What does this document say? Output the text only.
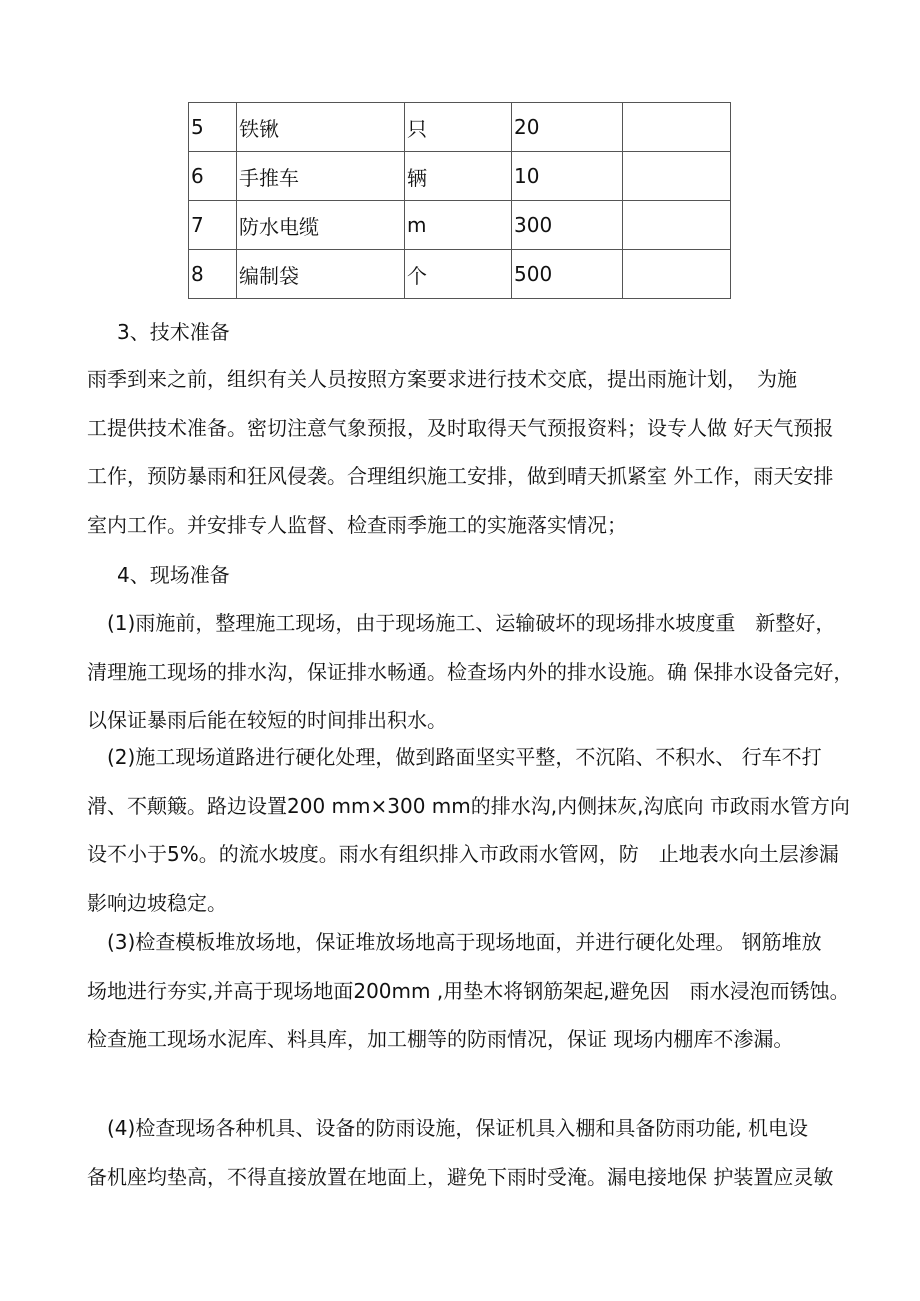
5	铁锹	只	20	
6	手推车	辆	10	
7	防水电缆	m	300	
8	编制袋	个	500	
3、技术准备

雨季到来之前，组织有关人员按照方案要求进行技术交底，提出雨施计划，　为施
工提供技术准备。密切注意气象预报，及时取得天气预报资料；设专人做 好天气预报
工作，预防暴雨和狂风侵袭。合理组织施工安排，做到晴天抓紧室 外工作，雨天安排
室内工作。并安排专人监督、检查雨季施工的实施落实情况；

4、现场准备

　(1)雨施前，整理施工现场，由于现场施工、运输破坏的现场排水坡度重　新整好，
清理施工现场的排水沟，保证排水畅通。检查场内外的排水设施。确 保排水设备完好，
以保证暴雨后能在较短的时间排出积水。

　(2)施工现场道路进行硬化处理，做到路面坚实平整，不沉陷、不积水、 行车不打
滑、不颠簸。路边设置200 mm×300 mm的排水沟,内侧抹灰,沟底向 市政雨水管方向
设不小于5%。的流水坡度。雨水有组织排入市政雨水管网，防　止地表水向土层渗漏
影响边坡稳定。

　(3)检查模板堆放场地，保证堆放场地高于现场地面，并进行硬化处理。 钢筋堆放
场地进行夯实,并高于现场地面200mm ,用垫木将钢筋架起,避免因　雨水浸泡而锈蚀。
检查施工现场水泥库、料具库，加工棚等的防雨情况，保证 现场内棚库不渗漏。

　(4)检查现场各种机具、设备的防雨设施，保证机具入棚和具备防雨功能, 机电设
备机座均垫高，不得直接放置在地面上，避免下雨时受淹。漏电接地保 护装置应灵敏
